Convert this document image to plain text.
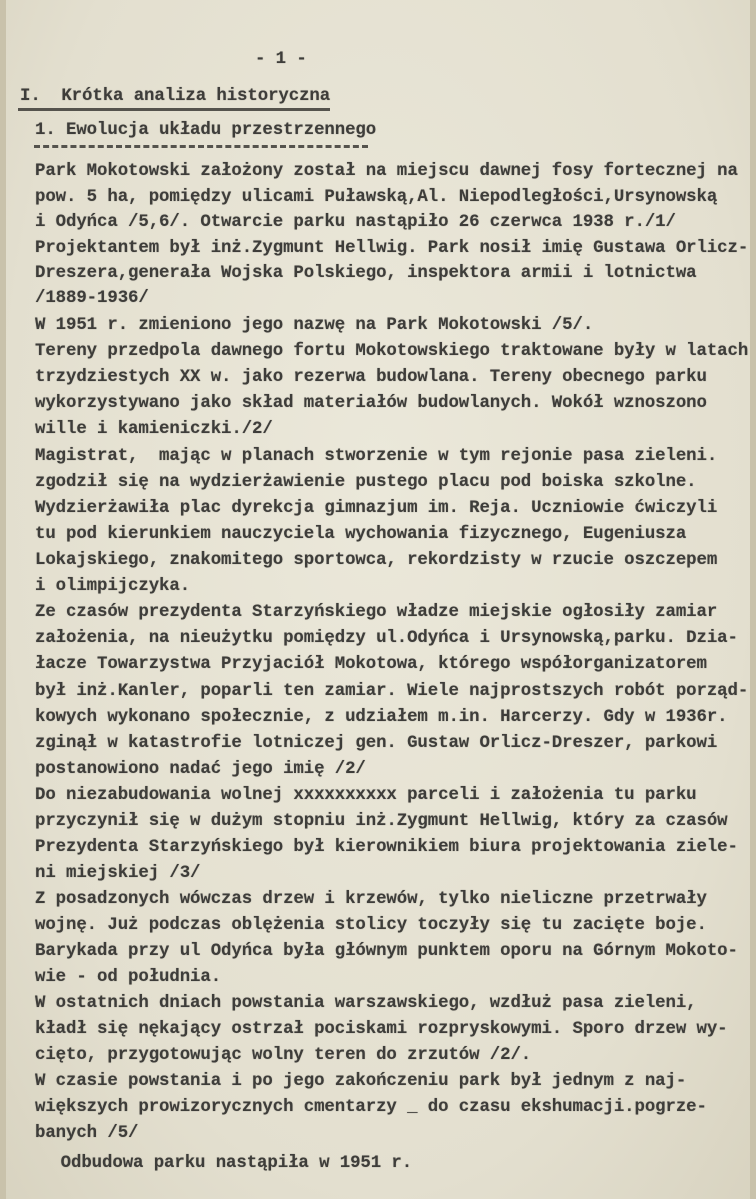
- 1 -
I.  Krótka analiza historyczna
1. Ewolucja układu przestrzennego
Park Mokotowski założony został na miejscu dawnej fosy fortecznej na
pow. 5 ha, pomiędzy ulicami Puławską,Al. Niepodległości,Ursynowską
i Odyńca /5,6/. Otwarcie parku nastąpiło 26 czerwca 1938 r./1/
Projektantem był inż.Zygmunt Hellwig. Park nosił imię Gustawa Orlicz-
Dreszera,generała Wojska Polskiego, inspektora armii i lotnictwa
/1889-1936/
W 1951 r. zmieniono jego nazwę na Park Mokotowski /5/.
Tereny przedpola dawnego fortu Mokotowskiego traktowane były w latach
trzydziestych XX w. jako rezerwa budowlana. Tereny obecnego parku
wykorzystywano jako skład materiałów budowlanych. Wokół wznoszono
wille i kamieniczki./2/
Magistrat,  mając w planach stworzenie w tym rejonie pasa zieleni.
zgodził się na wydzierżawienie pustego placu pod boiska szkolne.
Wydzierżawiła plac dyrekcja gimnazjum im. Reja. Uczniowie ćwiczyli
tu pod kierunkiem nauczyciela wychowania fizycznego, Eugeniusza
Lokajskiego, znakomitego sportowca, rekordzisty w rzucie oszczepem
i olimpijczyka.
Ze czasów prezydenta Starzyńskiego władze miejskie ogłosiły zamiar
założenia, na nieużytku pomiędzy ul.Odyńca i Ursynowską,parku. Dzia-
łacze Towarzystwa Przyjaciół Mokotowa, którego współorganizatorem
był inż.Kanler, poparli ten zamiar. Wiele najprostszych robót porząd-
kowych wykonano społecznie, z udziałem m.in. Harcerzy. Gdy w 1936r.
zginął w katastrofie lotniczej gen. Gustaw Orlicz-Dreszer, parkowi
postanowiono nadać jego imię /2/
Do niezabudowania wolnej xxxxxxxxxx parceli i założenia tu parku
przyczynił się w dużym stopniu inż.Zygmunt Hellwig, który za czasów
Prezydenta Starzyńskiego był kierownikiem biura projektowania ziele-
ni miejskiej /3/
Z posadzonych wówczas drzew i krzewów, tylko nieliczne przetrwały
wojnę. Już podczas oblężenia stolicy toczyły się tu zacięte boje.
Barykada przy ul Odyńca była głównym punktem oporu na Górnym Mokoto-
wie - od południa.
W ostatnich dniach powstania warszawskiego, wzdłuż pasa zieleni,
kładł się nękający ostrzał pociskami rozpryskowymi. Sporo drzew wy-
cięto, przygotowując wolny teren do zrzutów /2/.
W czasie powstania i po jego zakończeniu park był jednym z naj-
większych prowizorycznych cmentarzy _ do czasu ekshumacji.pogrze-
banych /5/
Odbudowa parku nastąpiła w 1951 r.
